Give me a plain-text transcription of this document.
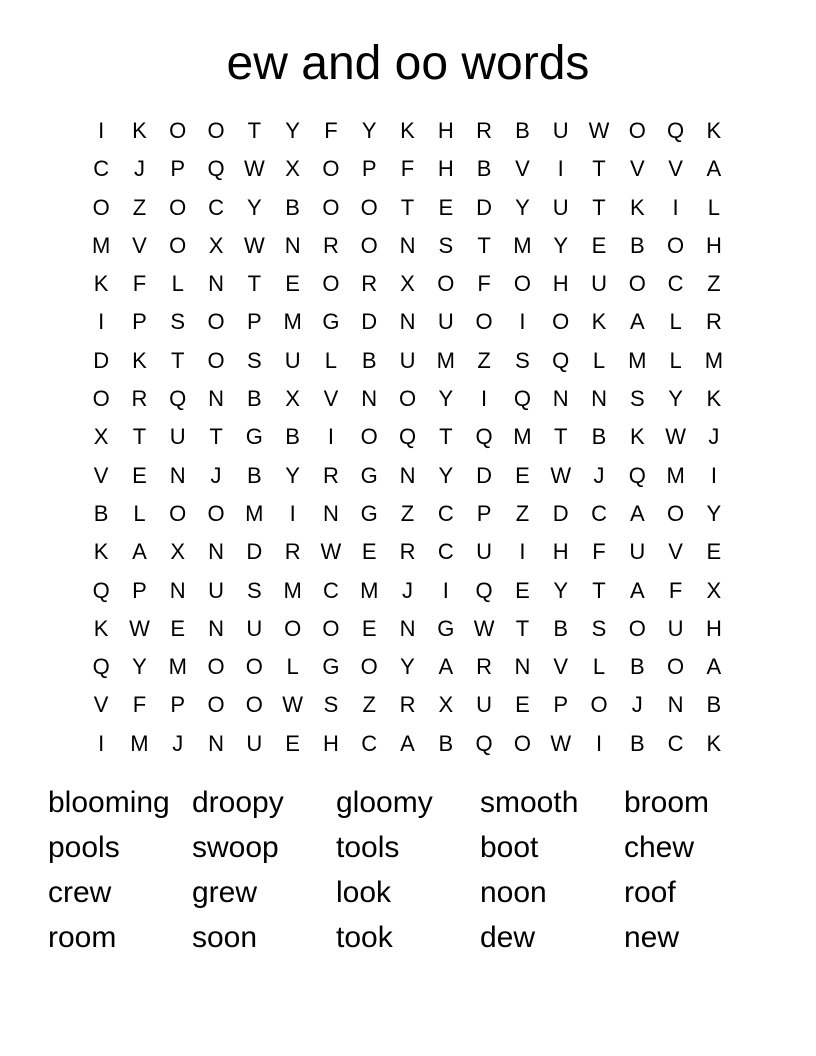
ew and oo words
I	K	O O	T	Y	F	Y	K	H	R	B	U W O Q	K
C	J	P	Q W X	O	P	F	H	B	V	I	T	V	V	A
O	Z	O C	Y	B	O O	T	E	D	Y	U	T	K	I	L
M V	O	X W N	R O N	S	T	M Y	E	B	O H
K	F	L	N	T	E	O R	X	O	F	O H	U O C	Z
I	P	S	O	P M G D	N	U O	I	O	K	A	L	R
D	K	T	O	S	U	L	B	U M	Z	S	Q	L	M	L	M
O R Q N	B	X	V	N O	Y	I	Q N	N	S	Y	K
X	T	U	T	G	B	I	O Q	T	Q M	T	B	K W	J
V	E	N	J	B	Y	R G N	Y	D	E W	J	Q M	I
B	L	O O M	I	N G	Z	C	P	Z	D	C	A	O	Y
K	A	X	N	D	R W E	R	C	U	I	H	F	U	V	E
Q	P	N	U	S M C M	J	I	Q	E	Y	T	A	F	X
K W E	N	U O O	E	N G W T	B	S	O U	H
Q	Y M O O	L	G O	Y	A	R	N	V	L	B	O	A
V	F	P	O O W S	Z	R	X	U	E	P	O	J	N	B
I	M	J	N	U	E	H	C	A	B	Q O W	I	B	C	K
blooming droopy	gloomy	smooth	broom
pools	swoop	tools	boot	chew
crew	grew	look	noon	roof
room	soon	took	dew	new
